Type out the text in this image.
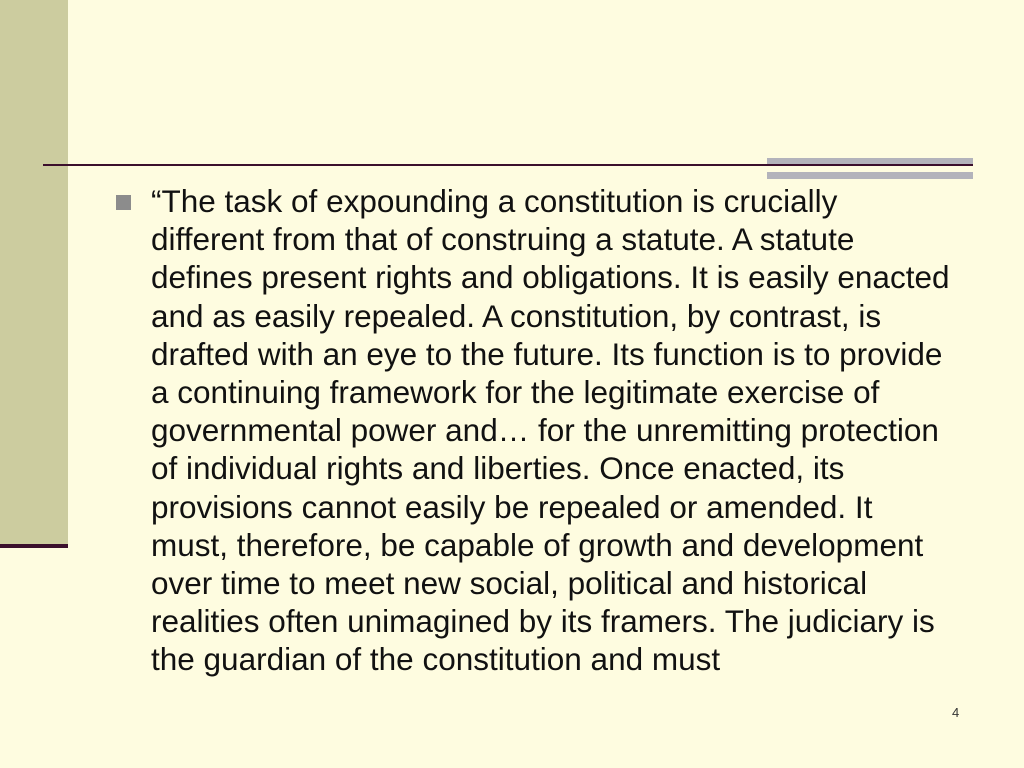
“The task of expounding a constitution is crucially different from that of construing a statute. A statute defines present rights and obligations. It is easily enacted and as easily repealed. A constitution, by contrast, is drafted with an eye to the future. Its function is to provide a continuing framework for the legitimate exercise of governmental power and… for the unremitting protection of individual rights and liberties. Once enacted, its provisions cannot easily be repealed or amended. It must, therefore, be capable of growth and development over time to meet new social, political and historical realities often unimagined by its framers. The judiciary is the guardian of the constitution and must

4
